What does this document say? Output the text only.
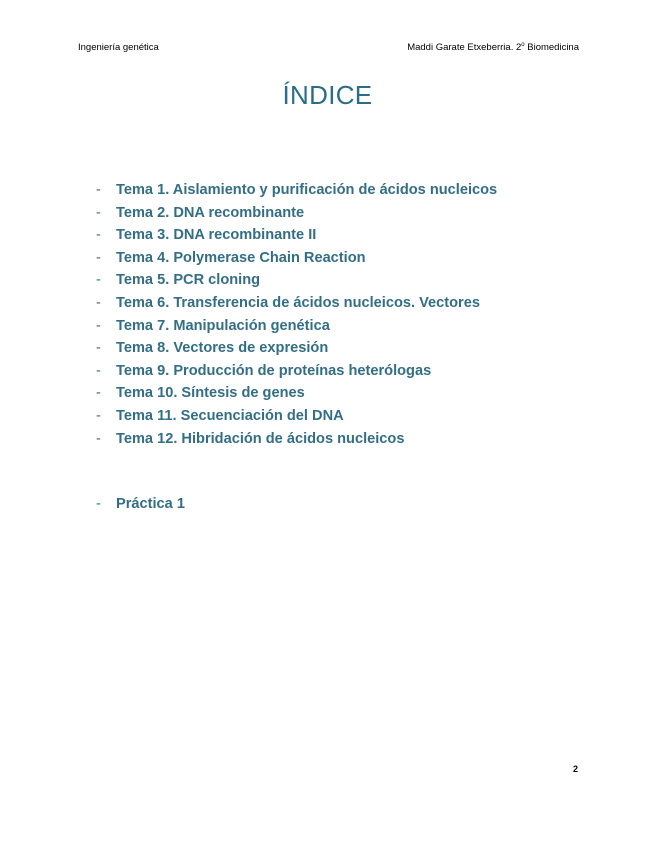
Ingeniería genética	Maddi Garate Etxeberria. 2$^o$ Biomedicina
ÍNDICE
-	Tema 1. Aislamiento y purificación de ácidos nucleicos
-	Tema 2. DNA recombinante
-	Tema 3. DNA recombinante II
-	Tema 4. Polymerase Chain Reaction
-	Tema 5. PCR cloning
-	Tema 6. Transferencia de ácidos nucleicos. Vectores
-	Tema 7. Manipulación genética
-	Tema 8. Vectores de expresión
-	Tema 9. Producción de proteínas heterólogas
-	Tema 10. Síntesis de genes
-	Tema 11. Secuenciación del DNA
-	Tema 12. Hibridación de ácidos nucleicos
-	Práctica 1
2
